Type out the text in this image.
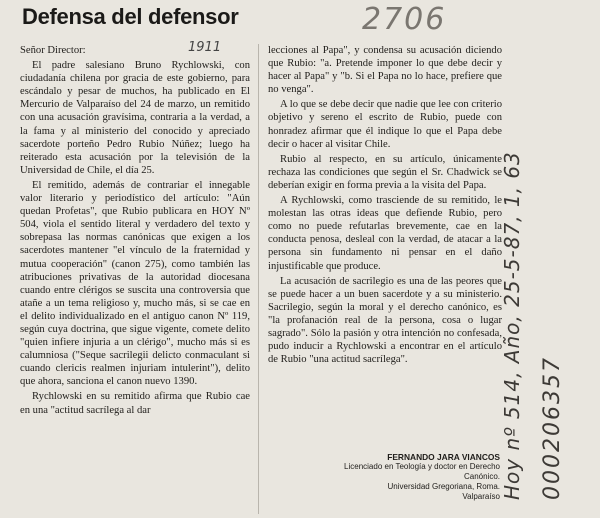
Defensa del defensor	2706
1911

Señor Director:

El padre salesiano Bruno Rychlowski, con ciudadanía chilena por gracia de este gobierno, para escándalo y pesar de muchos, ha publicado en El Mercurio de Valparaíso del 24 de marzo, un remitido con una acusación gravísima, contraria a la verdad, a la fama y al ministerio del conocido y apreciado sacerdote porteño Pedro Rubio Núñez; luego ha reiterado esta acusación por la televisión de la Universidad de Chile, el día 25.

El remitido, además de contrariar el innegable valor literario y periodístico del artículo: "Aún quedan Profetas", que Rubio publicara en HOY Nº 504, viola el sentido literal y verdadero del texto y sobrepasa las normas canónicas que exigen a los sacerdotes mantener "el vínculo de la fraternidad y mutua cooperación" (canon 275), como también las atribuciones privativas de la autoridad diocesana cuando entre clérigos se suscita una controversia que atañe a un tema religioso y, mucho más, si se cae en el delito individualizado en el antiguo canon Nº 119, según cuya doctrina, que sigue vigente, comete delito "quien infiere injuria a un clérigo", mucho más si es calumniosa ("Seque sacrilegii delicto conmaculant si cuando clericis realmen injuriam intulerint"), delito que ahora, sanciona el canon nuevo 1390.

Rychlowski en su remitido afirma que Rubio cae en una "actitud sacrílega al dar

lecciones al Papa", y condensa su acusación diciendo que Rubio: "a. Pretende imponer lo que debe decir y hacer al Papa" y "b. Si el Papa no lo hace, prefiere que no venga".

A lo que se debe decir que nadie que lee con criterio objetivo y sereno el escrito de Rubio, puede con honradez afirmar que él indique lo que el Papa debe decir o hacer al visitar Chile.

Rubio al respecto, en su artículo, únicamente rechaza las condiciones que según el Sr. Chadwick se deberían exigir en forma previa a la visita del Papa.

A Rychlowski, como trasciende de su remitido, le molestan las otras ideas que defiende Rubio, pero como no puede refutarlas brevemente, cae en la conducta penosa, desleal con la verdad, de atacar a la persona sin fundamento ni pensar en el daño injustificable que produce.

La acusación de sacrilegio es una de las peores que se puede hacer a un buen sacerdote y a su ministerio. Sacrilegio, según la moral y el derecho canónico, es "la profanación real de la persona, cosa o lugar sagrado". Sólo la pasión y otra intención no confesada, pudo inducir a Rychlowski a encontrar en el artículo de Rubio "una actitud sacrílega".

FERNANDO JARA VIANCOS
Licenciado en Teología y doctor en Derecho
Canónico.
Universidad Gregoriana, Roma.
Valparaíso Hoy nº 514, Año, 25-5-87, 1, 63 000206357
